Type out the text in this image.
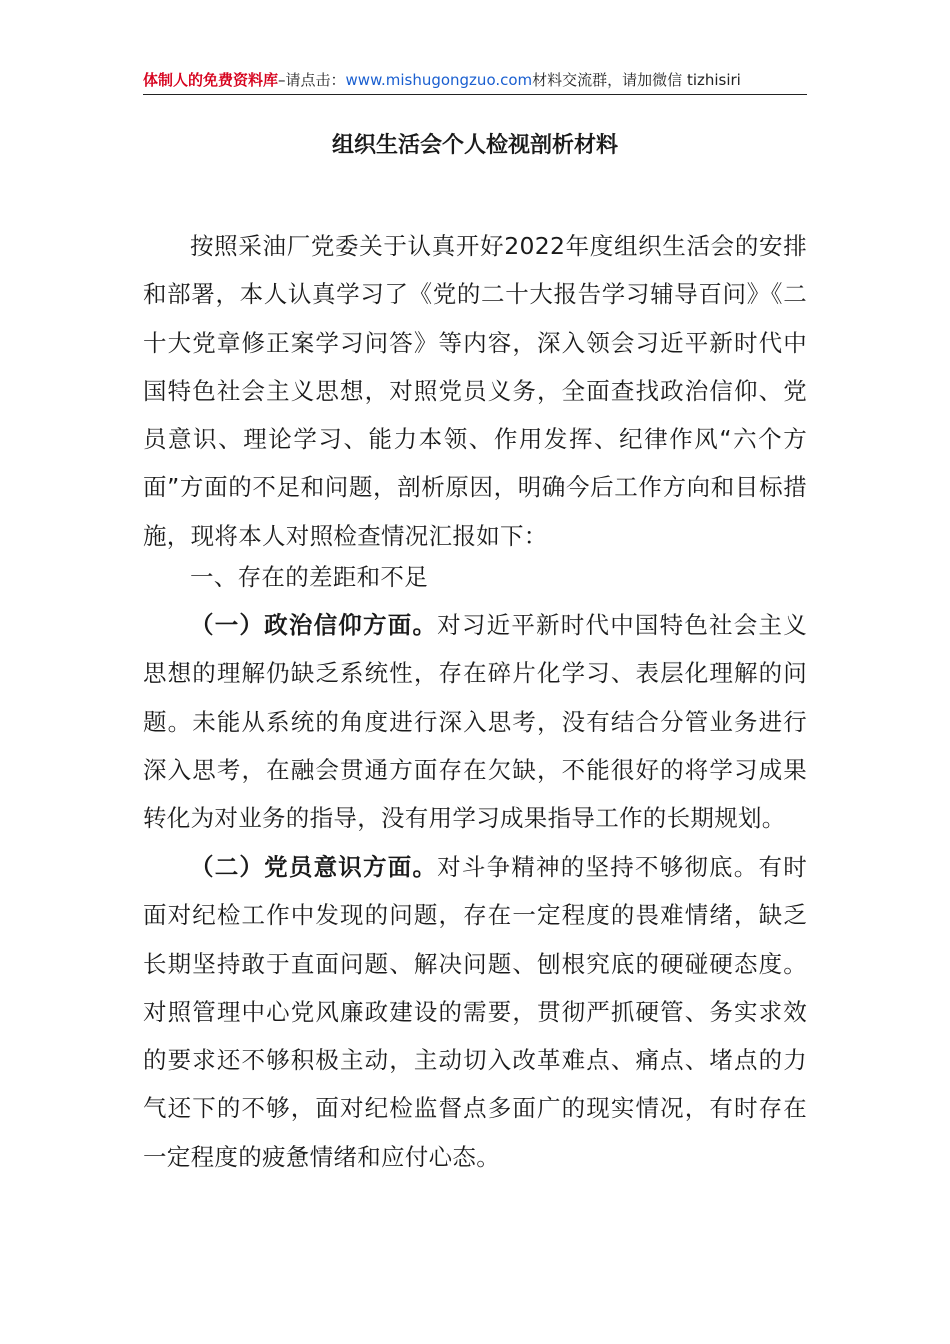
体制人的免费资料库–请点击：www.mishugongzuo.com材料交流群，请加微信 tizhisiri
组织生活会个人检视剖析材料

按照采油厂党委关于认真开好2022年度组织生活会的安排和部署，本人认真学习了《党的二十大报告学习辅导百问》《二十大党章修正案学习问答》等内容，深入领会习近平新时代中国特色社会主义思想，对照党员义务，全面查找政治信仰、党员意识、理论学习、能力本领、作用发挥、纪律作风“六个方面”方面的不足和问题，剖析原因，明确今后工作方向和目标措施，现将本人对照检查情况汇报如下：

一、存在的差距和不足

（一）政治信仰方面。对习近平新时代中国特色社会主义思想的理解仍缺乏系统性，存在碎片化学习、表层化理解的问题。未能从系统的角度进行深入思考，没有结合分管业务进行深入思考，在融会贯通方面存在欠缺，不能很好的将学习成果转化为对业务的指导，没有用学习成果指导工作的长期规划。

（二）党员意识方面。对斗争精神的坚持不够彻底。有时面对纪检工作中发现的问题，存在一定程度的畏难情绪，缺乏长期坚持敢于直面问题、解决问题、刨根究底的硬碰硬态度。对照管理中心党风廉政建设的需要，贯彻严抓硬管、务实求效的要求还不够积极主动，主动切入改革难点、痛点、堵点的力气还下的不够，面对纪检监督点多面广的现实情况，有时存在一定程度的疲惫情绪和应付心态。
